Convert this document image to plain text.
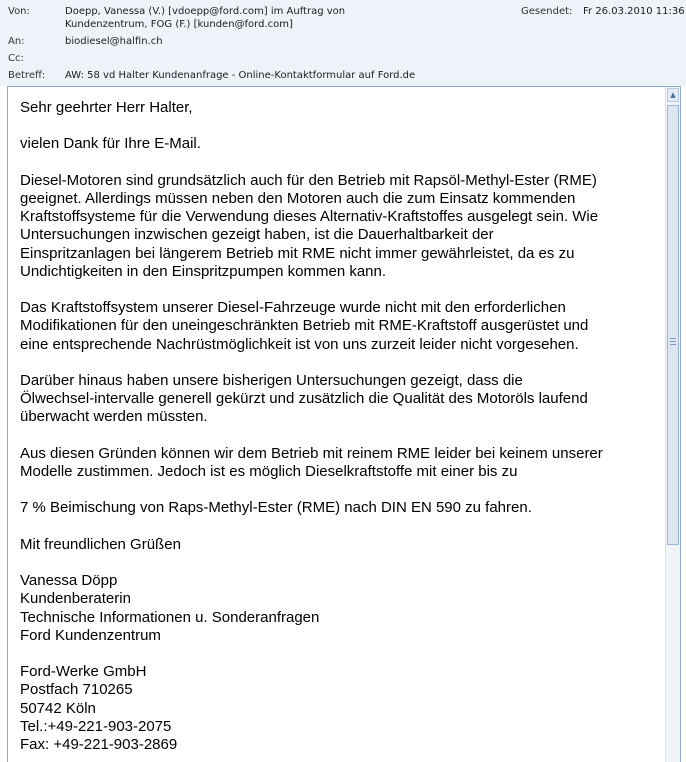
Von:	Doepp, Vanessa (V.) [vdoepp@ford.com] im Auftrag von
Kundenzentrum, FOG (F.) [kunden@ford.com]
Gesendet: Fr 26.03.2010 11:36
An:	biodiesel@halfin.ch
Cc:
Betreff: AW: 58 vd Halter Kundenanfrage - Online-Kontaktformular auf Ford.de

Sehr geehrter Herr Halter,

vielen Dank für Ihre E-Mail.

Diesel-Motoren sind grundsätzlich auch für den Betrieb mit Rapsöl-Methyl-Ester (RME)
geeignet. Allerdings müssen neben den Motoren auch die zum Einsatz kommenden
Kraftstoffsysteme für die Verwendung dieses Alternativ-Kraftstoffes ausgelegt sein. Wie
Untersuchungen inzwischen gezeigt haben, ist die Dauerhaltbarkeit der
Einspritzanlagen bei längerem Betrieb mit RME nicht immer gewährleistet, da es zu
Undichtigkeiten in den Einspritzpumpen kommen kann.

Das Kraftstoffsystem unserer Diesel-Fahrzeuge wurde nicht mit den erforderlichen
Modifikationen für den uneingeschränkten Betrieb mit RME-Kraftstoff ausgerüstet und
eine entsprechende Nachrüstmöglichkeit ist von uns zurzeit leider nicht vorgesehen.

Darüber hinaus haben unsere bisherigen Untersuchungen gezeigt, dass die
Ölwechsel-intervalle generell gekürzt und zusätzlich die Qualität des Motoröls laufend
überwacht werden müssten.

Aus diesen Gründen können wir dem Betrieb mit reinem RME leider bei keinem unserer
Modelle zustimmen. Jedoch ist es möglich Dieselkraftstoffe mit einer bis zu

7 % Beimischung von Raps-Methyl-Ester (RME) nach DIN EN 590 zu fahren.

Mit freundlichen Grüßen

Vanessa Döpp
Kundenberaterin
Technische Informationen u. Sonderanfragen
Ford Kundenzentrum

Ford-Werke GmbH
Postfach 710265
50742 Köln
Tel.:+49-221-903-2075
Fax: +49-221-903-2869

▲
